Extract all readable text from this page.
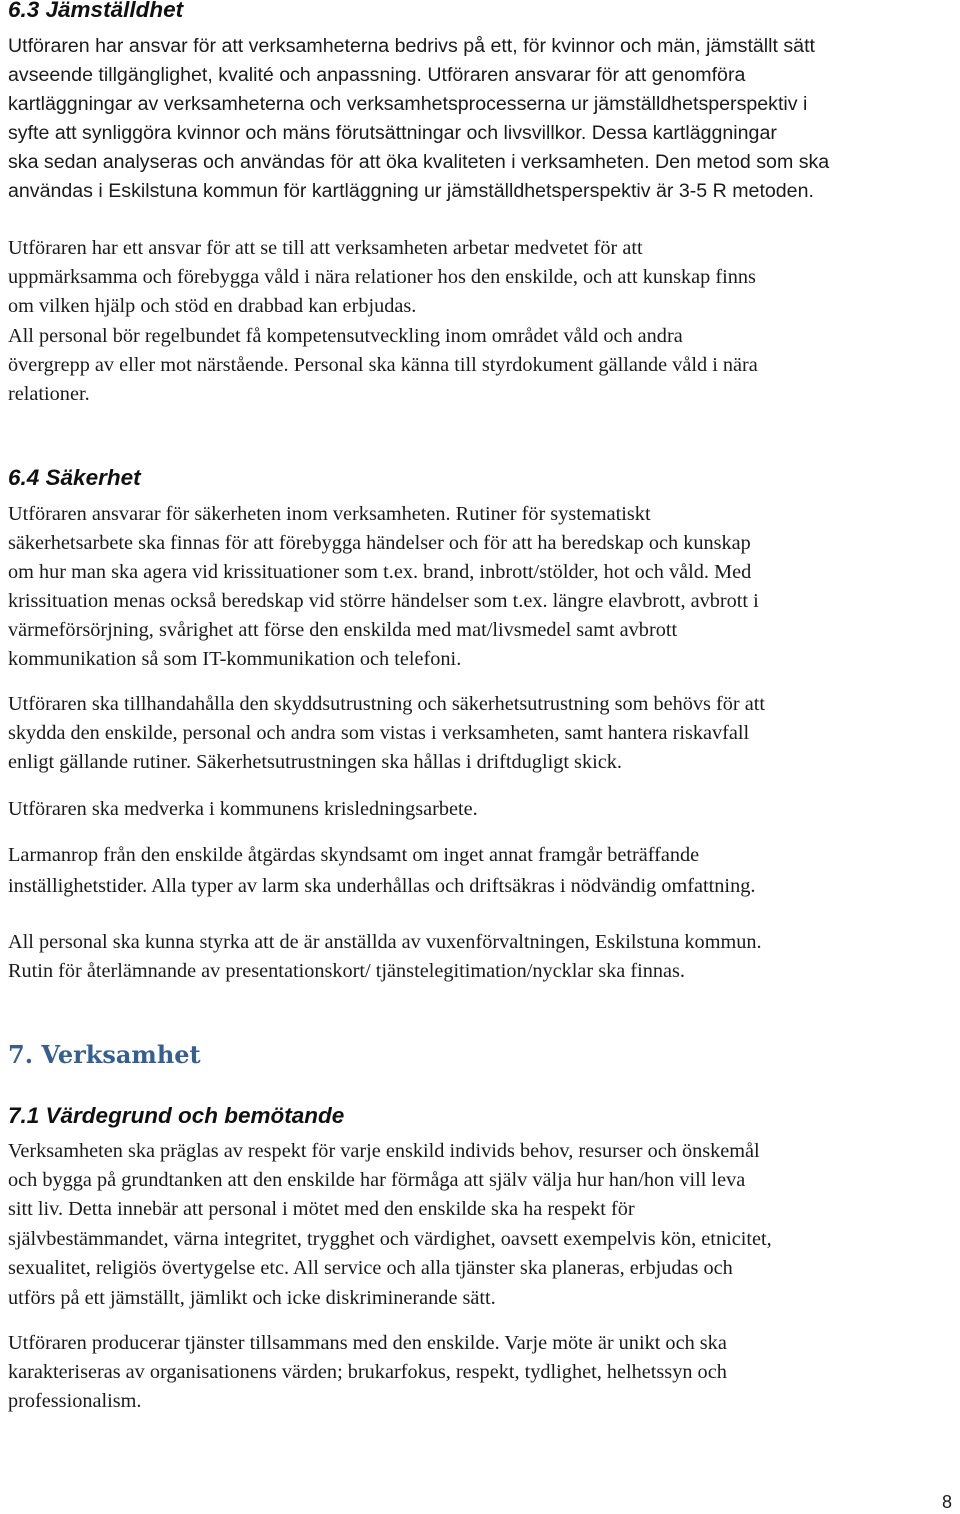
6.3 Jämställdhet
Utföraren har ansvar för att verksamheterna bedrivs på ett, för kvinnor och män, jämställt sätt
avseende tillgänglighet, kvalité och anpassning. Utföraren ansvarar för att genomföra
kartläggningar av verksamheterna och verksamhetsprocesserna ur jämställdhetsperspektiv i
syfte att synliggöra kvinnor och mäns förutsättningar och livsvillkor. Dessa kartläggningar
ska sedan analyseras och användas för att öka kvaliteten i verksamheten. Den metod som ska
användas i Eskilstuna kommun för kartläggning ur jämställdhetsperspektiv är 3-5 R metoden.
Utföraren har ett ansvar för att se till att verksamheten arbetar medvetet för att
uppmärksamma och förebygga våld i nära relationer hos den enskilde, och att kunskap finns
om vilken hjälp och stöd en drabbad kan erbjudas.
All personal bör regelbundet få kompetensutveckling inom området våld och andra
övergrepp av eller mot närstående. Personal ska känna till styrdokument gällande våld i nära
relationer.
6.4 Säkerhet
Utföraren ansvarar för säkerheten inom verksamheten. Rutiner för systematiskt
säkerhetsarbete ska finnas för att förebygga händelser och för att ha beredskap och kunskap
om hur man ska agera vid krissituationer som t.ex. brand, inbrott/stölder, hot och våld. Med
krissituation menas också beredskap vid större händelser som t.ex. längre elavbrott, avbrott i
värmeförsörjning, svårighet att förse den enskilda med mat/livsmedel samt avbrott
kommunikation så som IT-kommunikation och telefoni.
Utföraren ska tillhandahålla den skyddsutrustning och säkerhetsutrustning som behövs för att
skydda den enskilde, personal och andra som vistas i verksamheten, samt hantera riskavfall
enligt gällande rutiner. Säkerhetsutrustningen ska hållas i driftdugligt skick.
Utföraren ska medverka i kommunens krisledningsarbete.
Larmanrop från den enskilde åtgärdas skyndsamt om inget annat framgår beträffande
inställighetstider. Alla typer av larm ska underhållas och driftsäkras i nödvändig omfattning.
All personal ska kunna styrka att de är anställda av vuxenförvaltningen, Eskilstuna kommun.
Rutin för återlämnande av presentationskort/ tjänstelegitimation/nycklar ska finnas.
7. Verksamhet
7.1 Värdegrund och bemötande
Verksamheten ska präglas av respekt för varje enskild individs behov, resurser och önskemål
och bygga på grundtanken att den enskilde har förmåga att själv välja hur han/hon vill leva
sitt liv. Detta innebär att personal i mötet med den enskilde ska ha respekt för
självbestämmandet, värna integritet, trygghet och värdighet, oavsett exempelvis kön, etnicitet,
sexualitet, religiös övertygelse etc. All service och alla tjänster ska planeras, erbjudas och
utförs på ett jämställt, jämlikt och icke diskriminerande sätt.
Utföraren producerar tjänster tillsammans med den enskilde. Varje möte är unikt och ska
karakteriseras av organisationens värden; brukarfokus, respekt, tydlighet, helhetssyn och
professionalism.
8
